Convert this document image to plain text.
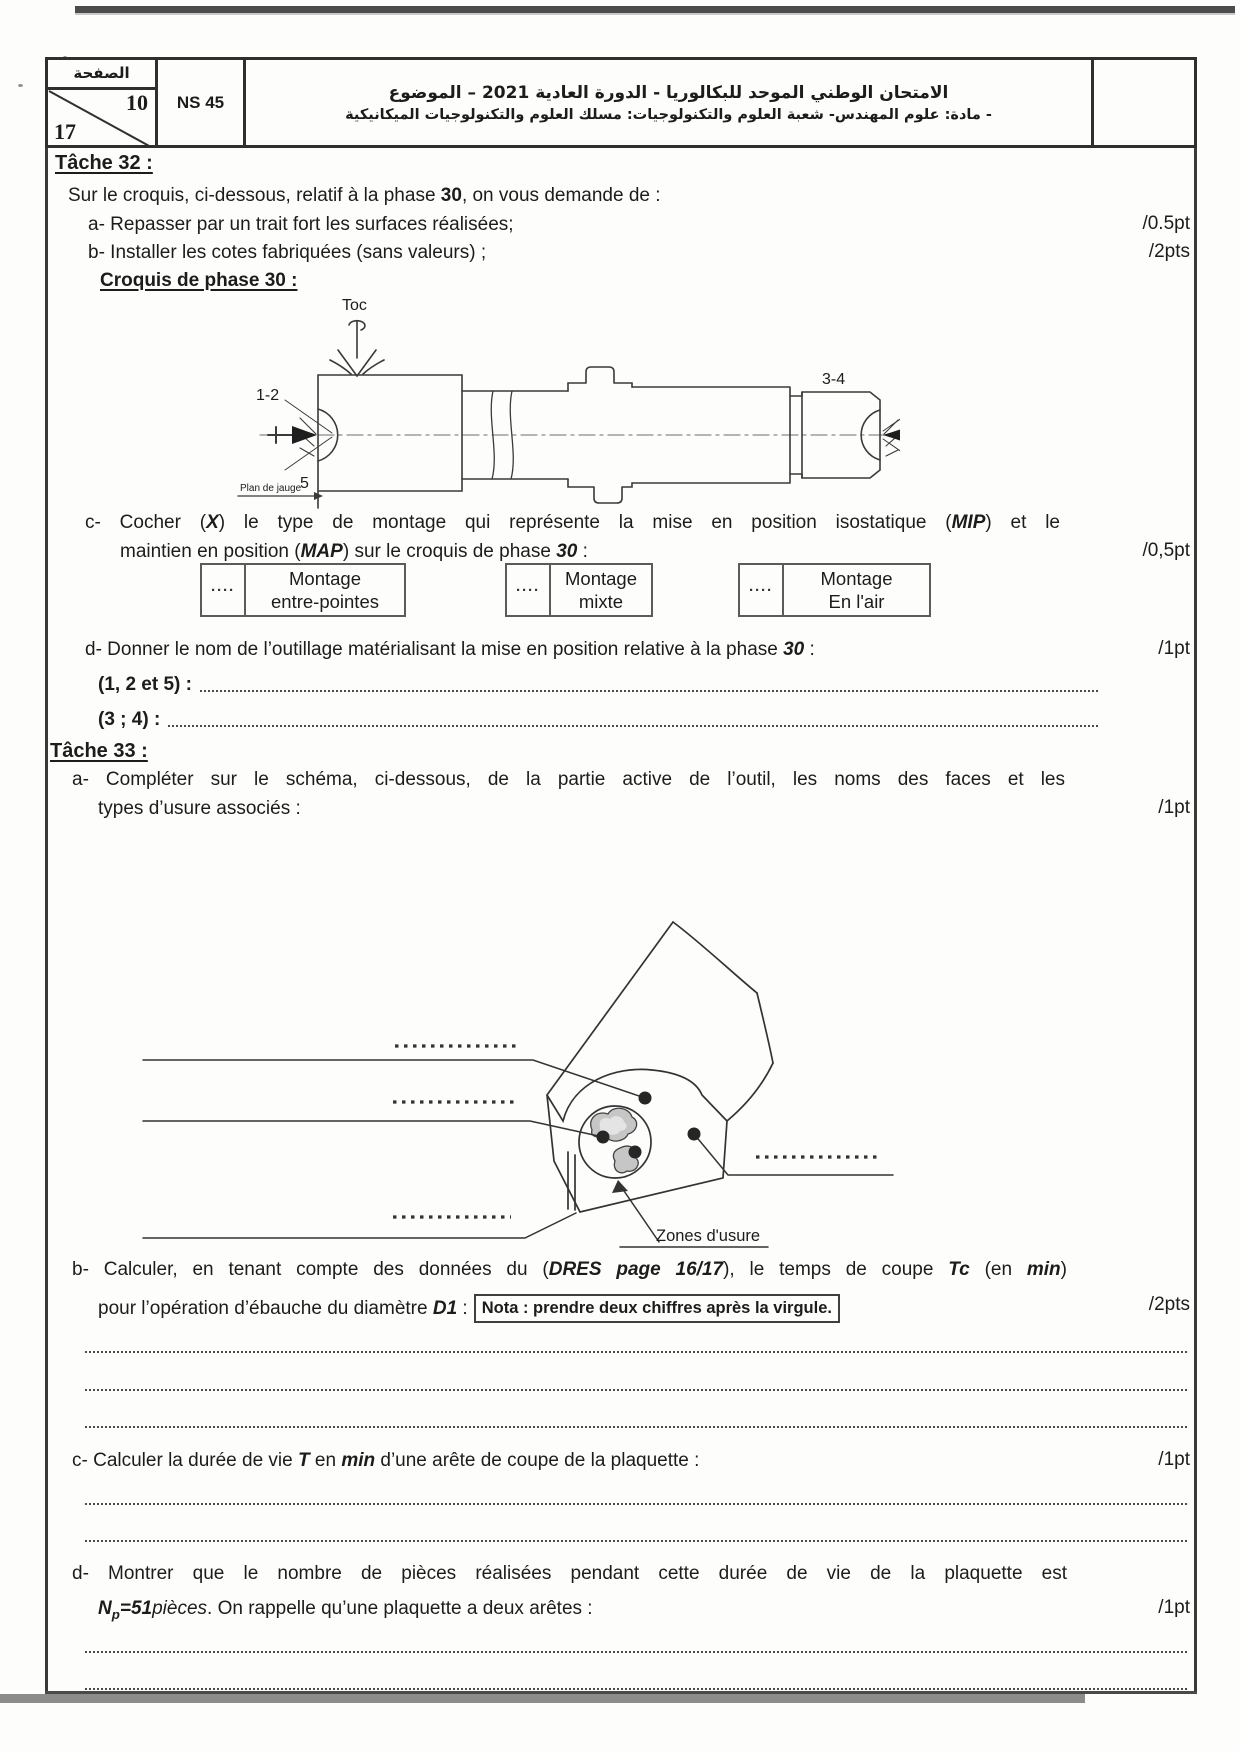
الصفحة
10
17
NS 45	الامتحان الوطني الموحد للبكالوريا - الدورة العادية 2021 – الموضوع
- مادة: علوم المهندس- شعبة العلوم والتكنولوجيات: مسلك العلوم والتكنولوجيات الميكانيكية
Tâche 32 :
Sur le croquis, ci-dessous, relatif à la phase 30, on vous demande de :
a- Repasser par un trait fort les surfaces réalisées;	/0.5pt
b- Installer les cotes fabriquées (sans valeurs) ;	/2pts
Croquis de phase 30 :
Toc
1-2
3-4
Plan de jauge
5
c- Cocher (X) le type de montage qui représente la mise en position isostatique (MIP) et le
maintien en position (MAP) sur le croquis de phase 30 :	/0,5pt
····
Montage
entre-pointes
····
Montage
mixte
····
Montage
En l'air
d- Donner le nom de l’outillage matérialisant la mise en position relative à la phase 30 :	/1pt
(1, 2 et 5) :
(3 ; 4) :
Tâche 33 :
a- Compléter sur le schéma, ci-dessous, de la partie active de l’outil, les noms des faces et les
types d’usure associés :	/1pt
Zones d'usure
b- Calculer, en tenant compte des données du (DRES page 16/17), le temps de coupe Tc (en min)
pour l’opération d’ébauche du diamètre D1 : Nota : prendre deux chiffres après la virgule.	/2pts
c- Calculer la durée de vie T en min d’une arête de coupe de la plaquette :	/1pt
d- Montrer que le nombre de pièces réalisées pendant cette durée de vie de la plaquette est
$N_p=51pièces$. On rappelle qu’une plaquette a deux arêtes :	/1pt
